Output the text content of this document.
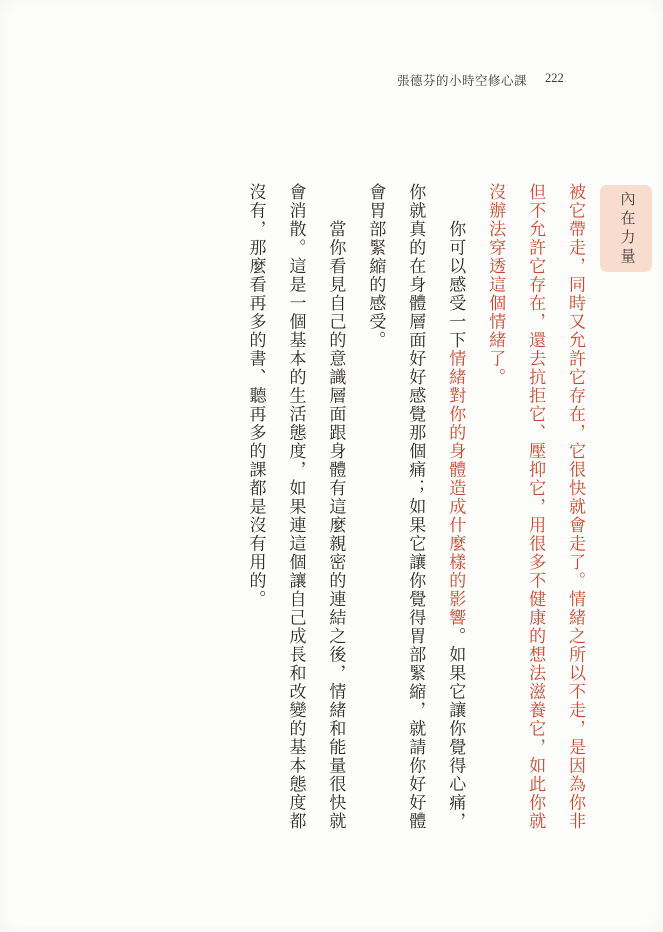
張德芬的小時空修心課 222
內在力量

被它帶走，同時又允許它存在，它很快就會走了。情緒之所以不走，是因為你非但不允許它存在，還去抗拒它、壓抑它，用很多不健康的想法滋養它，如此你就沒辦法穿透這個情緒了。

你可以感受一下情緒對你的身體造成什麼樣的影響。如果它讓你覺得心痛，你就真的在身體層面好好感覺那個痛；如果它讓你覺得胃部緊縮，就請你好好體會胃部緊縮的感受。

當你看見自己的意識層面跟身體有這麼親密的連結之後，情緒和能量很快就會消散。這是一個基本的生活態度，如果連這個讓自己成長和改變的基本態度都沒有，那麼看再多的書、聽再多的課都是沒有用的。
